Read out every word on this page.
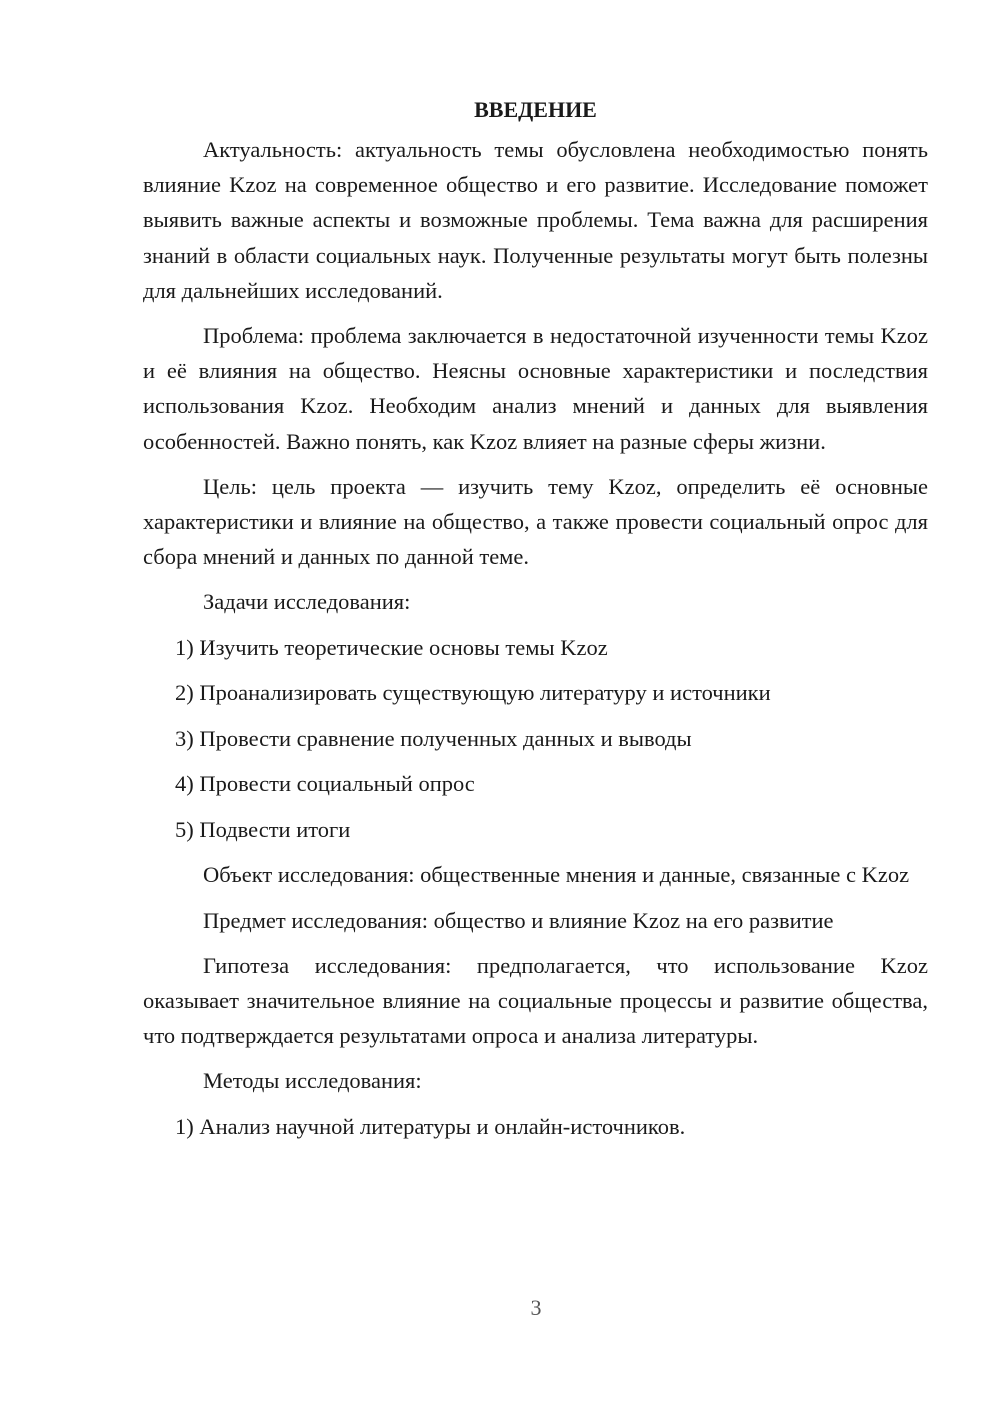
ВВЕДЕНИЕ

Актуальность: актуальность темы обусловлена необходимостью понять влияние Kzoz на современное общество и его развитие. Исследование поможет выявить важные аспекты и возможные проблемы. Тема важна для расширения знаний в области социальных наук. Полученные результаты могут быть полезны для дальнейших исследований.

Проблема: проблема заключается в недостаточной изученности темы Kzoz и её влияния на общество. Неясны основные характеристики и последствия использования Kzoz. Необходим анализ мнений и данных для выявления особенностей. Важно понять, как Kzoz влияет на разные сферы жизни.

Цель: цель проекта — изучить тему Kzoz, определить её основные характеристики и влияние на общество, а также провести социальный опрос для сбора мнений и данных по данной теме.

Задачи исследования:
1) Изучить теоретические основы темы Kzoz
2) Проанализировать существующую литературу и источники
3) Провести сравнение полученных данных и выводы
4) Провести социальный опрос
5) Подвести итоги

Объект исследования: общественные мнения и данные, связанные с Kzoz

Предмет исследования: общество и влияние Kzoz на его развитие

Гипотеза исследования: предполагается, что использование Kzoz оказывает значительное влияние на социальные процессы и развитие общества, что подтверждается результатами опроса и анализа литературы.

Методы исследования:
1) Анализ научной литературы и онлайн-источников.
3
